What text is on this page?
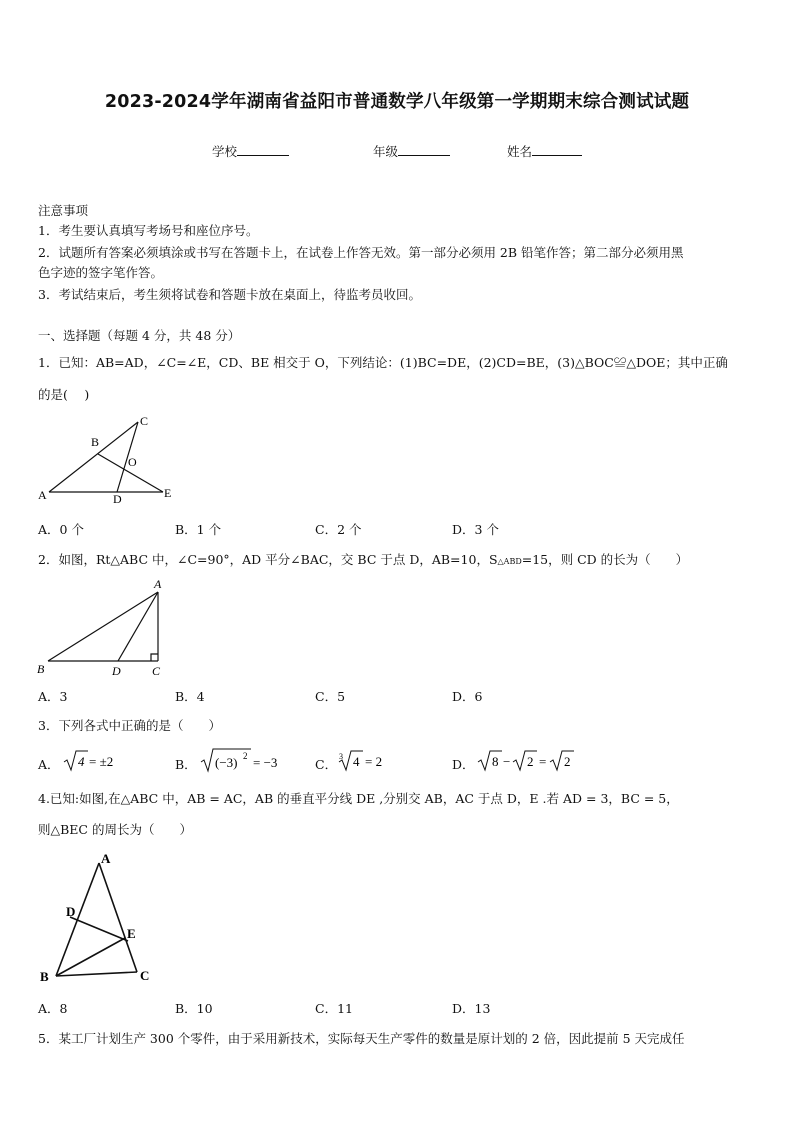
2023-2024学年湖南省益阳市普通数学八年级第一学期期末综合测试试题
学校	年级	姓名
注意事项
1．考生要认真填写考场号和座位序号。
2．试题所有答案必须填涂或书写在答题卡上，在试卷上作答无效。第一部分必须用 2B 铅笔作答；第二部分必须用黑
色字迹的签字笔作答。
3．考试结束后，考生须将试卷和答题卡放在桌面上，待监考员收回。
一、选择题（每题 4 分，共 48 分）
1．已知：AB=AD，∠C=∠E，CD、BE 相交于 O，下列结论：(1)BC=DE，(2)CD=BE，(3)△BOC≌△DOE；其中正确
的是(　 )
A
B
C
D	E
O
A．0 个	B．1 个	C．2 个	D．3 个
2．如图，Rt△ABC 中，∠C=90°，AD 平分∠BAC，交 BC 于点 D，AB=10，S△ABD=15，则 CD 的长为（　　）
A
B	D	C
A．3	B．4	C．5	D．6
3．下列各式中正确的是（　　）
A． 4 = ±2	B． (−3) 2 = −3	C．
3 4 = 2	D． 8 − 2 = 2
4.已知:如图,在△ABC 中，AB = AC，AB 的垂直平分线 DE ,分别交 AB，AC 于点 D，E .若 AD = 3，BC = 5，
则△BEC 的周长为（　　）
A
D
E
B	C
A．8	B．10	C．11	D．13
5．某工厂计划生产 300 个零件，由于采用新技术，实际每天生产零件的数量是原计划的 2 倍，因此提前 5 天完成任
